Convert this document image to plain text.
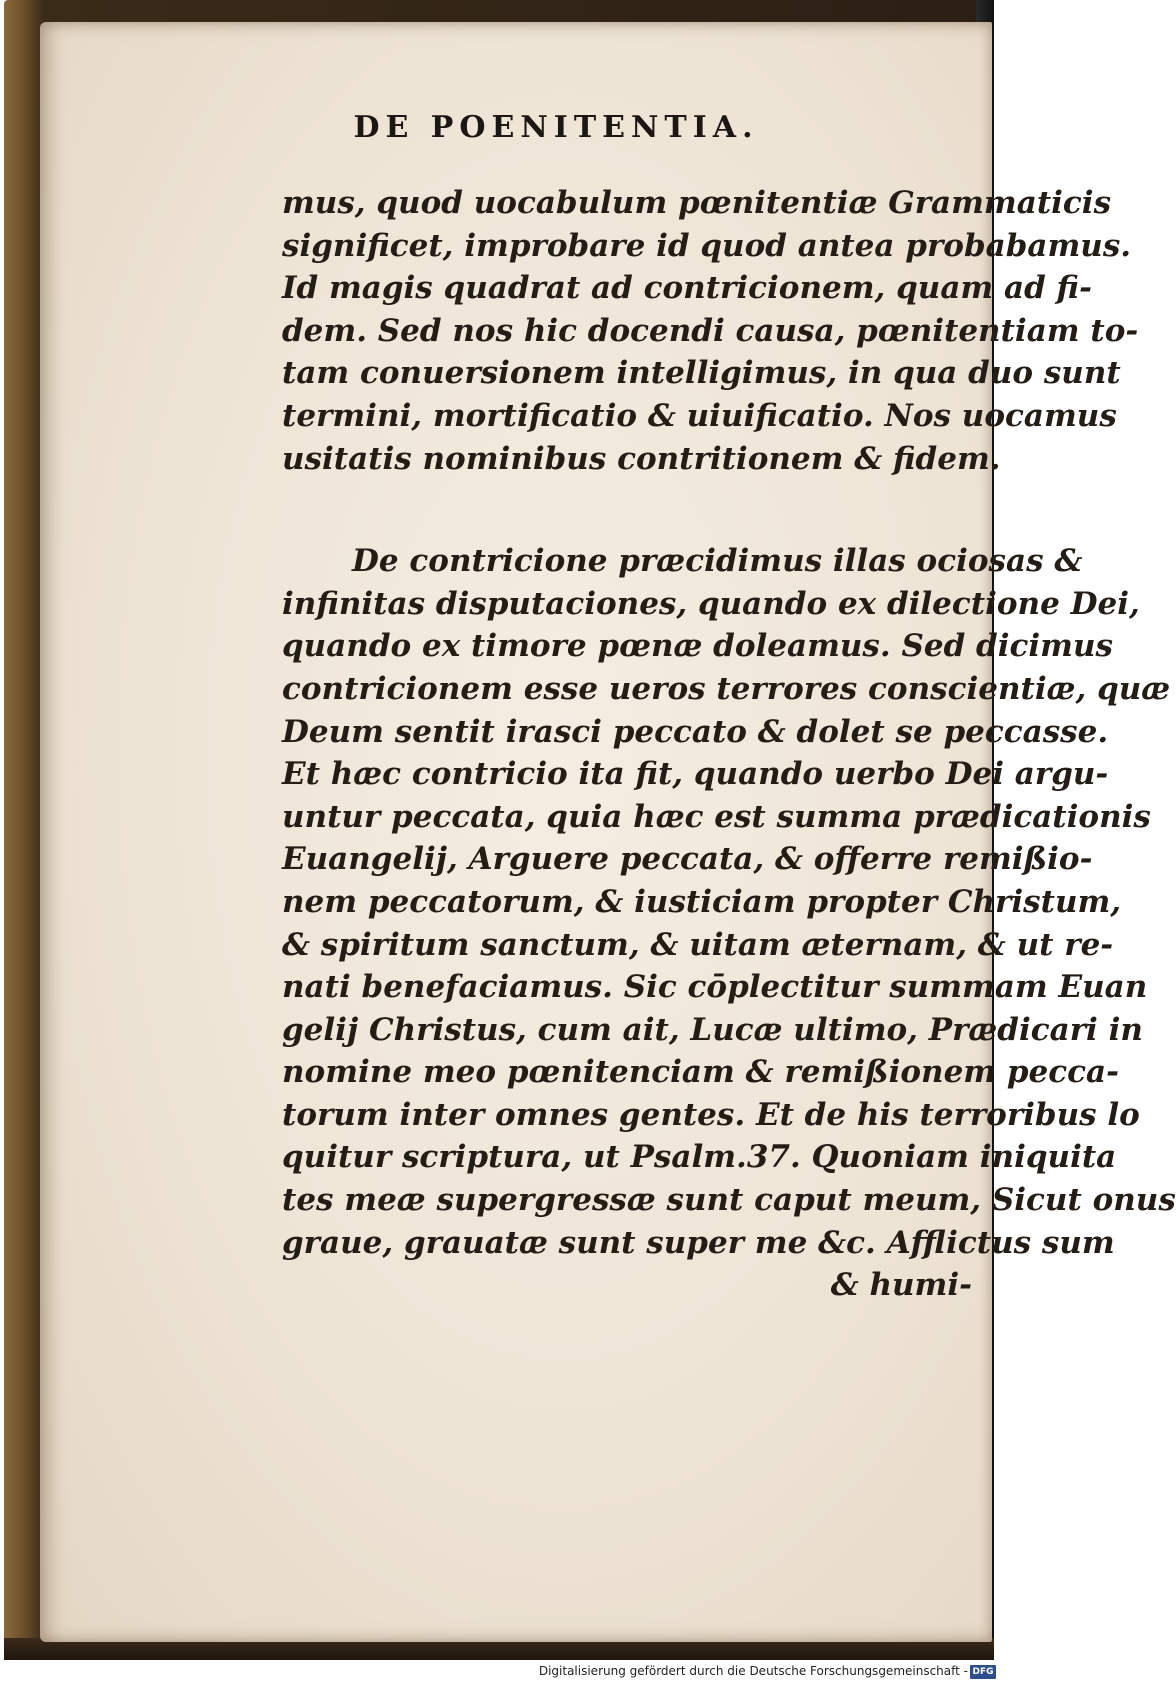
DE POENITENTIA.
mus, quod uocabulum pœnitentiæ Grammaticis
significet, improbare id quod antea probabamus.
Id magis quadrat ad contricionem, quam ad fi-
dem. Sed nos hic docendi causa, pœnitentiam to-
tam conuersionem intelligimus, in qua duo sunt
termini, mortificatio & uiuificatio. Nos uocamus
usitatis nominibus contritionem & fidem.
De contricione præcidimus illas ociosas &
infinitas disputaciones, quando ex dilectione Dei,
quando ex timore pœnæ doleamus. Sed dicimus
contricionem esse ueros terrores conscientiæ, quæ
Deum sentit irasci peccato & dolet se peccasse.
Et hæc contricio ita fit, quando uerbo Dei argu-
untur peccata, quia hæc est summa prædicationis
Euangelij, Arguere peccata, & offerre remißio-
nem peccatorum, & iusticiam propter Christum,
& spiritum sanctum, & uitam æternam, & ut re-
nati benefaciamus. Sic cōplectitur summam Euan
gelij Christus, cum ait, Lucæ ultimo, Prædicari in
nomine meo pœnitenciam & remißionem pecca-
torum inter omnes gentes. Et de his terroribus lo
quitur scriptura, ut Psalm.37. Quoniam iniquita
tes meæ supergressæ sunt caput meum, Sicut onus
graue, grauatæ sunt super me &c. Afflictus sum
& humi-
Digitalisierung gefördert durch die Deutsche Forschungsgemeinschaft - DFG
